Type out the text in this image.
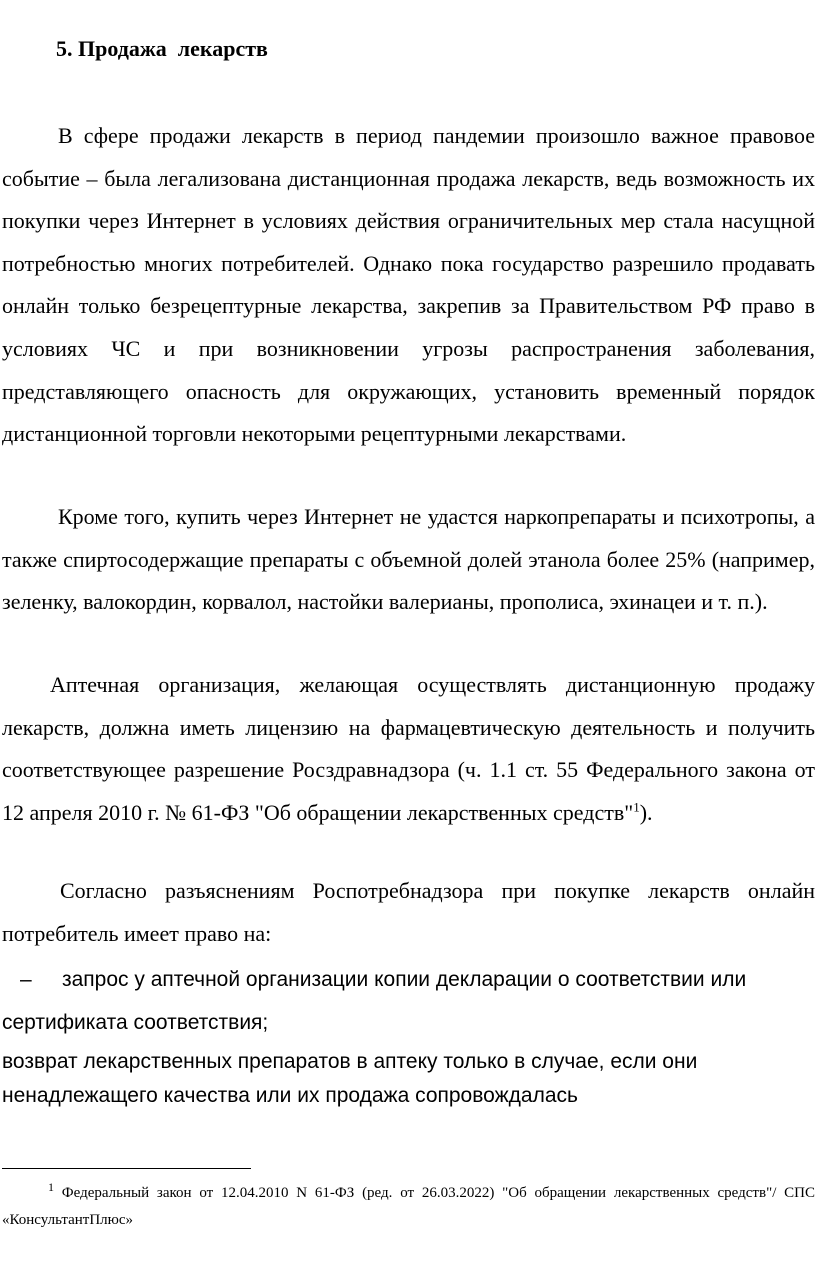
5. Продажа  лекарств

В сфере продажи лекарств в период пандемии произошло важное правовое событие – была легализована дистанционная продажа лекарств, ведь возможность их покупки через Интернет в условиях действия ограничительных мер стала насущной потребностью многих потребителей. Однако пока государство разрешило продавать онлайн только безрецептурные лекарства, закрепив за Правительством РФ право в условиях ЧС и при возникновении угрозы распространения заболевания, представляющего опасность для окружающих, установить временный порядок дистанционной торговли некоторыми рецептурными лекарствами.

Кроме того, купить через Интернет не удастся наркопрепараты и психотропы, а также спиртосодержащие препараты с объемной долей этанола более 25% (например, зеленку, валокордин, корвалол, настойки валерианы, прополиса, эхинацеи и т. п.).

Аптечная организация, желающая осуществлять дистанционную продажу лекарств, должна иметь лицензию на фармацевтическую деятельность и получить соответствующее разрешение Росздравнадзора (ч. 1.1 ст. 55 Федерального закона от 12 апреля 2010 г. № 61-ФЗ "Об обращении лекарственных средств"$^1$).

Согласно разъяснениям Роспотребнадзора при покупке лекарств онлайн потребитель имеет право на:

– запрос у аптечной организации копии декларации о соответствии или сертификата соответствия;

возврат лекарственных препаратов в аптеку только в случае, если они ненадлежащего качества или их продажа сопровождалась

$^1$ Федеральный закон от 12.04.2010 N 61-ФЗ (ред. от 26.03.2022) "Об обращении лекарственных средств"/ СПС «КонсультантПлюс»
